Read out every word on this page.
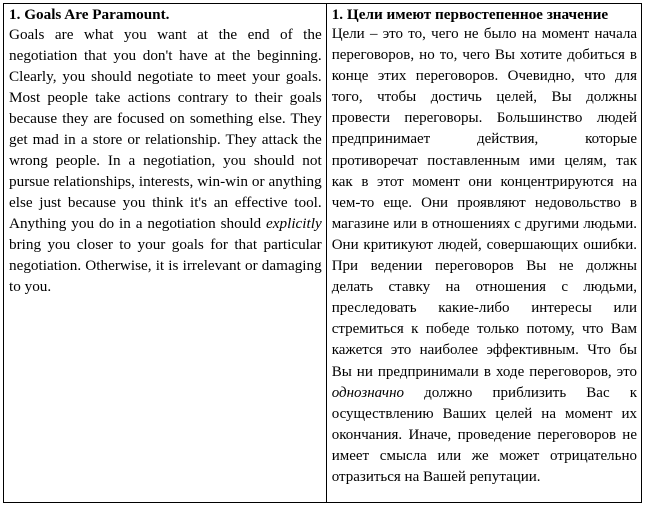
1. Goals Are Paramount.

Goals are what you want at the end of the negotiation that you don't have at the beginning. Clearly, you should negotiate to meet your goals. Most people take actions contrary to their goals because they are focused on something else. They get mad in a store or relationship. They attack the wrong people. In a negotiation, you should not pursue relationships, interests, win-win or anything else just because you think it's an effective tool. Anything you do in a negotiation should explicitly bring you closer to your goals for that particular negotiation. Otherwise, it is irrelevant or damaging to you.

1. Цели имеют первостепенное значение

Цели – это то, чего не было на момент начала переговоров, но то, чего Вы хотите добиться в конце этих переговоров. Очевидно, что для того, чтобы достичь целей, Вы должны провести переговоры. Большинство людей предпринимает действия, которые противоречат поставленным ими целям, так как в этот момент они концентрируются на чем-то еще. Они проявляют недовольство в магазине или в отношениях с другими людьми. Они критикуют людей, совершающих ошибки. При ведении переговоров Вы не должны делать ставку на отношения с людьми, преследовать какие-либо интересы или стремиться к победе только потому, что Вам кажется это наиболее эффективным. Что бы Вы ни предпринимали в ходе переговоров, это однозначно должно приблизить Вас к осуществлению Ваших целей на момент их окончания. Иначе, проведение переговоров не имеет смысла или же может отрицательно отразиться на Вашей репутации.
